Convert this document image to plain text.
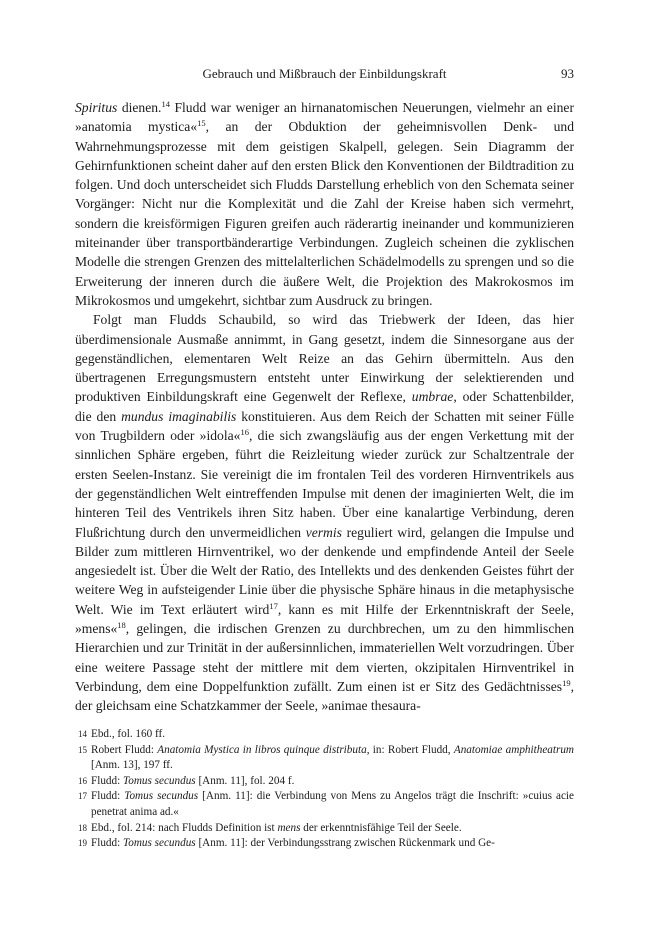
Gebrauch und Mißbrauch der Einbildungskraft	93

Spiritus dienen.$^{14}$ Fludd war weniger an hirnanatomischen Neuerungen, vielmehr an einer »anatomia mystica«$^{15}$, an der Obduktion der geheimnisvollen Denk- und Wahrnehmungsprozesse mit dem geistigen Skalpell, gelegen. Sein Diagramm der Gehirnfunktionen scheint daher auf den ersten Blick den Konventionen der Bildtradition zu folgen. Und doch unterscheidet sich Fludds Darstellung erheblich von den Schemata seiner Vorgänger: Nicht nur die Komplexität und die Zahl der Kreise haben sich vermehrt, sondern die kreisförmigen Figuren greifen auch räderartig ineinander und kommunizieren miteinander über transportbänderartige Verbindungen. Zugleich scheinen die zyklischen Modelle die strengen Grenzen des mittelalterlichen Schädelmodells zu sprengen und so die Erweiterung der inneren durch die äußere Welt, die Projektion des Makrokosmos im Mikrokosmos und umgekehrt, sichtbar zum Ausdruck zu bringen.

Folgt man Fludds Schaubild, so wird das Triebwerk der Ideen, das hier überdimensionale Ausmaße annimmt, in Gang gesetzt, indem die Sinnesorgane aus der gegenständlichen, elementaren Welt Reize an das Gehirn übermitteln. Aus den übertragenen Erregungsmustern entsteht unter Einwirkung der selektierenden und produktiven Einbildungskraft eine Gegenwelt der Reflexe, umbrae, oder Schattenbilder, die den mundus imaginabilis konstituieren. Aus dem Reich der Schatten mit seiner Fülle von Trugbildern oder »idola«$^{16}$, die sich zwangsläufig aus der engen Verkettung mit der sinnlichen Sphäre ergeben, führt die Reizleitung wieder zurück zur Schaltzentrale der ersten Seelen-Instanz. Sie vereinigt die im frontalen Teil des vorderen Hirnventrikels aus der gegenständlichen Welt eintreffenden Impulse mit denen der imaginierten Welt, die im hinteren Teil des Ventrikels ihren Sitz haben. Über eine kanalartige Verbindung, deren Flußrichtung durch den unvermeidlichen vermis reguliert wird, gelangen die Impulse und Bilder zum mittleren Hirnventrikel, wo der denkende und empfindende Anteil der Seele angesiedelt ist. Über die Welt der Ratio, des Intellekts und des denkenden Geistes führt der weitere Weg in aufsteigender Linie über die physische Sphäre hinaus in die metaphysische Welt. Wie im Text erläutert wird$^{17}$, kann es mit Hilfe der Erkenntniskraft der Seele, »mens«$^{18}$, gelingen, die irdischen Grenzen zu durchbrechen, um zu den himmlischen Hierarchien und zur Trinität in der außersinnlichen, immateriellen Welt vorzudringen. Über eine weitere Passage steht der mittlere mit dem vierten, okzipitalen Hirnventrikel in Verbindung, dem eine Doppelfunktion zufällt. Zum einen ist er Sitz des Gedächtnisses$^{19}$, der gleichsam eine Schatzkammer der Seele, »animae thesaura-

14 Ebd., fol. 160 ff.
15 Robert Fludd: Anatomia Mystica in libros quinque distributa, in: Robert Fludd, Anatomiae amphitheatrum [Anm. 13], 197 ff.
16 Fludd: Tomus secundus [Anm. 11], fol. 204 f.
17 Fludd: Tomus secundus [Anm. 11]: die Verbindung von Mens zu Angelos trägt die Inschrift: »cuius acie penetrat anima ad.«
18 Ebd., fol. 214: nach Fludds Definition ist mens der erkenntnisfähige Teil der Seele.
19 Fludd: Tomus secundus [Anm. 11]: der Verbindungsstrang zwischen Rückenmark und Ge-
